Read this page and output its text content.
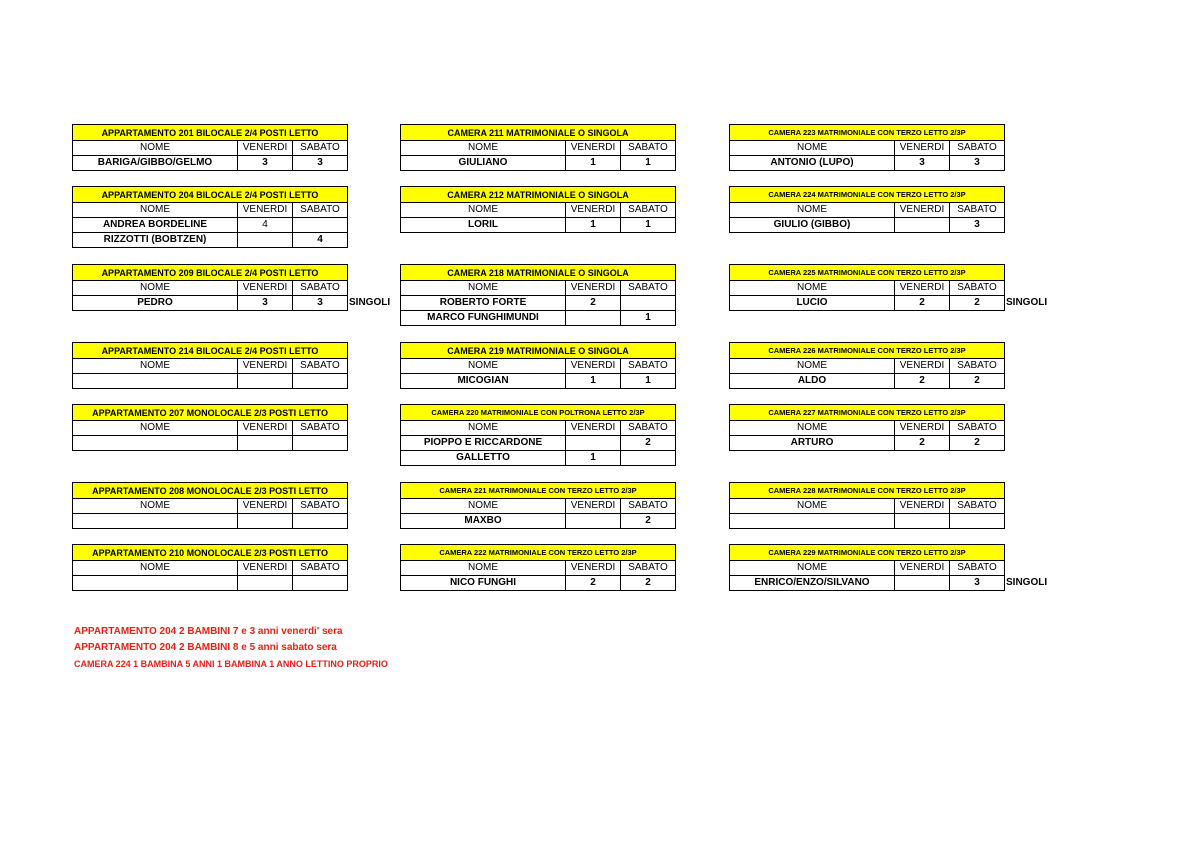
APPARTAMENTO 201 BILOCALE 2/4 POSTI LETTO		
NOME	VENERDI	SABATO
BARIGA/GIBBO/GELMO	3	3
APPARTAMENTO 204 BILOCALE 2/4 POSTI LETTO		
NOME	VENERDI	SABATO
ANDREA BORDELINE	4	
RIZZOTTI (BOBTZEN)		4
APPARTAMENTO 209 BILOCALE 2/4 POSTI LETTO		
NOME	VENERDI	SABATO
PEDRO	3	3	SINGOLI
APPARTAMENTO 214 BILOCALE 2/4 POSTI LETTO		
NOME	VENERDI	SABATO

APPARTAMENTO 207 MONOLOCALE 2/3 POSTI LETTO		
NOME	VENERDI	SABATO

APPARTAMENTO 208 MONOLOCALE 2/3 POSTI LETTO		
NOME	VENERDI	SABATO

APPARTAMENTO 210 MONOLOCALE 2/3 POSTI LETTO		
NOME	VENERDI	SABATO

CAMERA 211 MATRIMONIALE O SINGOLA		
NOME	VENERDI	SABATO
GIULIANO	1	1
CAMERA 212 MATRIMONIALE O SINGOLA		
NOME	VENERDI	SABATO
LORIL	1	1
CAMERA 218 MATRIMONIALE O SINGOLA		
NOME	VENERDI	SABATO
ROBERTO FORTE	2	
MARCO FUNGHIMUNDI		1
CAMERA 219 MATRIMONIALE O SINGOLA		
NOME	VENERDI	SABATO
MICOGIAN	1	1
CAMERA 220 MATRIMONIALE CON POLTRONA LETTO 2/3P		
NOME	VENERDI	SABATO
PIOPPO E RICCARDONE		2
GALLETTO	1	
CAMERA 221 MATRIMONIALE CON TERZO LETTO 2/3P		
NOME	VENERDI	SABATO
MAXBO		2
CAMERA 222 MATRIMONIALE CON TERZO LETTO 2/3P		
NOME	VENERDI	SABATO
NICO FUNGHI	2	2
CAMERA 223 MATRIMONIALE CON TERZO LETTO 2/3P		
NOME	VENERDI	SABATO
ANTONIO (LUPO)	3	3
CAMERA 224 MATRIMONIALE CON TERZO LETTO 2/3P		
NOME	VENERDI	SABATO
GIULIO (GIBBO)		3
CAMERA 225 MATRIMONIALE CON TERZO LETTO 2/3P		
NOME	VENERDI	SABATO
LUCIO	2	2	SINGOLI
CAMERA 226 MATRIMONIALE CON TERZO LETTO 2/3P		
NOME	VENERDI	SABATO
ALDO	2	2
CAMERA 227 MATRIMONIALE CON TERZO LETTO 2/3P		
NOME	VENERDI	SABATO
ARTURO	2	2
CAMERA 228 MATRIMONIALE CON TERZO LETTO 2/3P		
NOME	VENERDI	SABATO

CAMERA 229 MATRIMONIALE CON TERZO LETTO 2/3P		
NOME	VENERDI	SABATO
ENRICO/ENZO/SILVANO		3	SINGOLI
APPARTAMENTO 204 2 BAMBINI 7 e 3 anni venerdi' sera
APPARTAMENTO 204 2 BAMBINI 8 e 5 anni sabato sera
CAMERA 224 1 BAMBINA 5 ANNI 1 BAMBINA 1 ANNO LETTINO PROPRIO
